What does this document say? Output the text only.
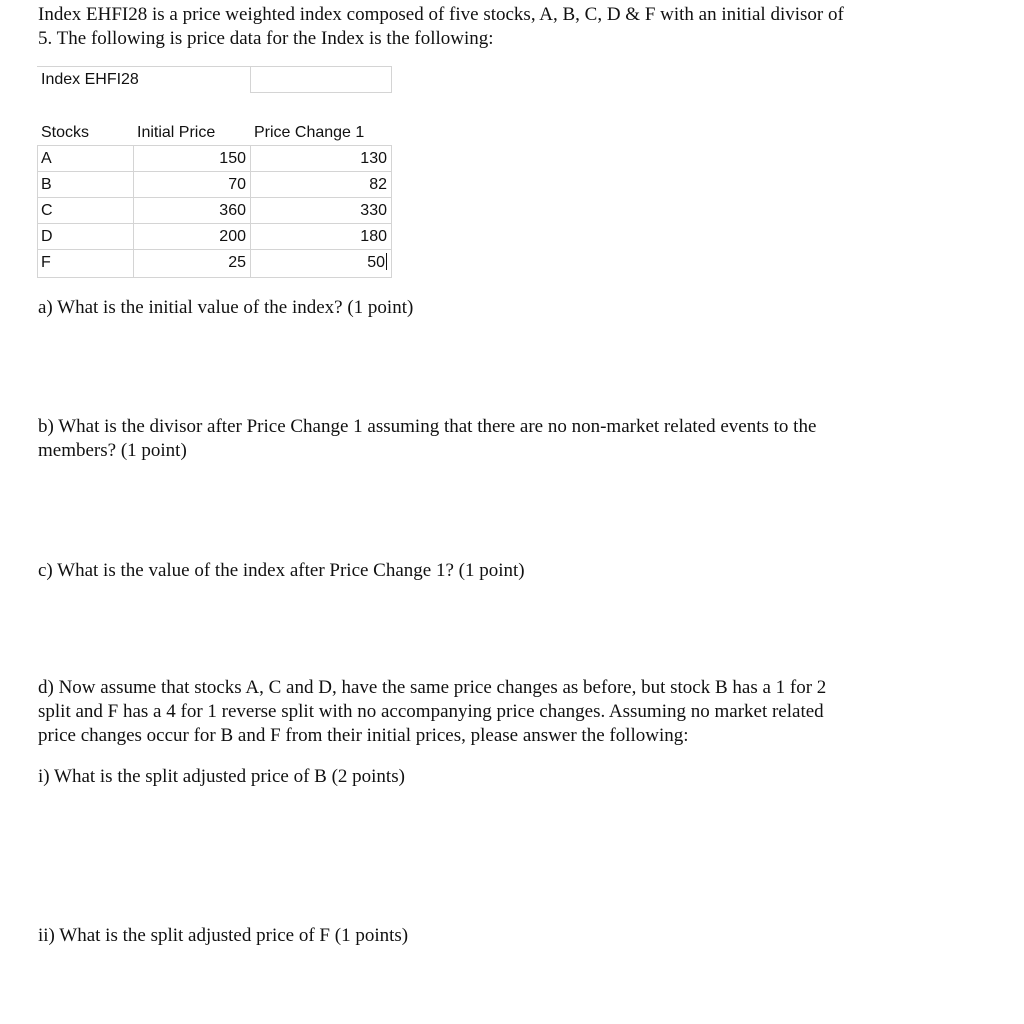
Index EHFI28 is a price weighted index composed of five stocks, A, B, C, D & F with an initial divisor of
5. The following is price data for the Index is the following:
Index EHFI28
Stocks	Initial Price	Price Change 1
A	150	130
B	70	82
C	360	330
D	200	180
F	25	50
a) What is the initial value of the index? (1 point)
b) What is the divisor after Price Change 1 assuming that there are no non-market related events to the
members? (1 point)
c) What is the value of the index after Price Change 1? (1 point)
d) Now assume that stocks A, C and D, have the same price changes as before, but stock B has a 1 for 2
split and F has a 4 for 1 reverse split with no accompanying price changes. Assuming no market related
price changes occur for B and F from their initial prices, please answer the following:
i) What is the split adjusted price of B (2 points)
ii) What is the split adjusted price of F (1 points)
